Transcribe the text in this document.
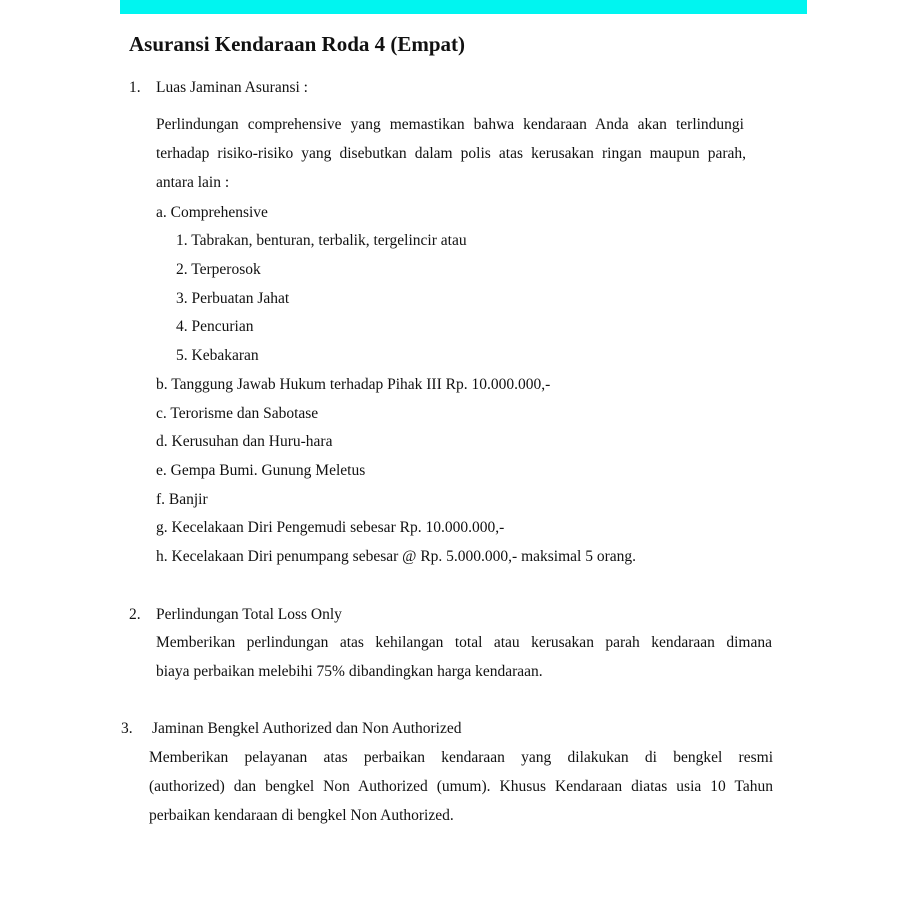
Asuransi Kendaraan Roda 4 (Empat)
1. Luas Jaminan Asuransi :
Perlindungan comprehensive yang memastikan bahwa kendaraan Anda akan terlindungi
terhadap risiko-risiko yang disebutkan dalam polis atas kerusakan ringan maupun parah,
antara lain :
a. Comprehensive
1. Tabrakan, benturan, terbalik, tergelincir atau
2. Terperosok
3. Perbuatan Jahat
4. Pencurian
5. Kebakaran
b. Tanggung Jawab Hukum terhadap Pihak III Rp. 10.000.000,-
c. Terorisme dan Sabotase
d. Kerusuhan dan Huru-hara
e. Gempa Bumi. Gunung Meletus
f. Banjir
g. Kecelakaan Diri Pengemudi sebesar Rp. 10.000.000,-
h. Kecelakaan Diri penumpang sebesar @ Rp. 5.000.000,- maksimal 5 orang.
2. Perlindungan Total Loss Only
Memberikan perlindungan atas kehilangan total atau kerusakan parah kendaraan dimana
biaya perbaikan melebihi 75% dibandingkan harga kendaraan.
3. Jaminan Bengkel Authorized dan Non Authorized
Memberikan pelayanan atas perbaikan kendaraan yang dilakukan di bengkel resmi
(authorized) dan bengkel Non Authorized (umum). Khusus Kendaraan diatas usia 10 Tahun
perbaikan kendaraan di bengkel Non Authorized.
